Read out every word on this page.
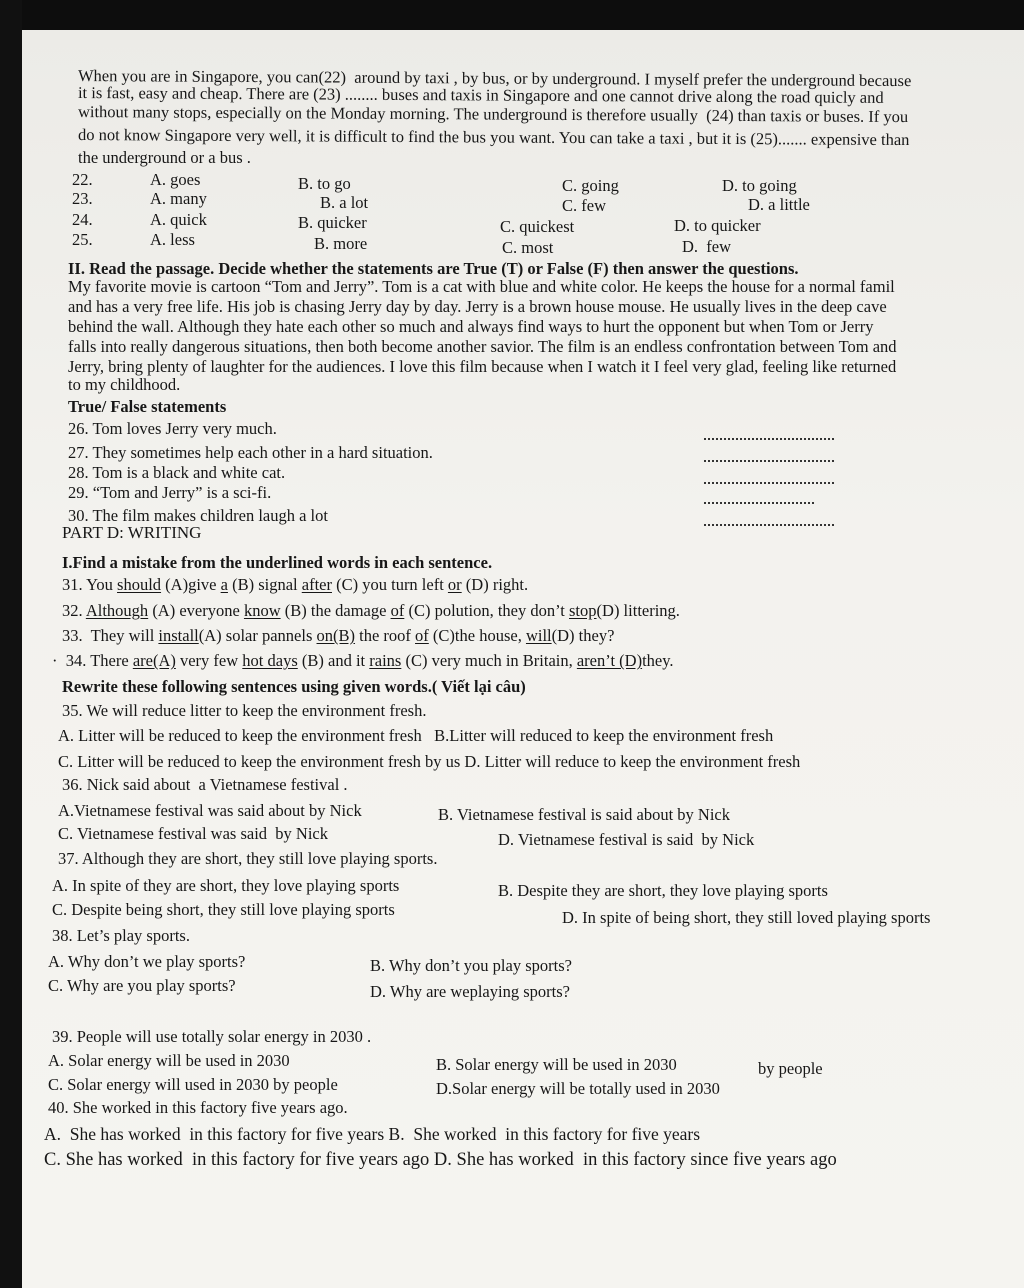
When you are in Singapore, you can(22)  around by taxi , by bus, or by underground. I myself prefer the underground because
it is fast, easy and cheap. There are (23) ........ buses and taxis in Singapore and one cannot drive along the road quicly and
without many stops, especially on the Monday morning. The underground is therefore usually  (24) than taxis or buses. If you
do not know Singapore very well, it is difficult to find the bus you want. You can take a taxi , but it is (25)....... expensive than
the underground or a bus .
22.	A. goes	B. to go	C. going	D. to going
23.	A. many	B. a lot	C. few	D. a little
24.	A. quick	B. quicker	C. quickest	D. to quicker
25.	A. less	B. more	C. most	D.  few
II. Read the passage. Decide whether the statements are True (T) or False (F) then answer the questions.
My favorite movie is cartoon “Tom and Jerry”. Tom is a cat with blue and white color. He keeps the house for a normal famil
and has a very free life. His job is chasing Jerry day by day. Jerry is a brown house mouse. He usually lives in the deep cave
behind the wall. Although they hate each other so much and always find ways to hurt the opponent but when Tom or Jerry
falls into really dangerous situations, then both become another savior. The film is an endless confrontation between Tom and
Jerry, bring plenty of laughter for the audiences. I love this film because when I watch it I feel very glad, feeling like returned
to my childhood.
True/ False statements
26. Tom loves Jerry very much.
27. They sometimes help each other in a hard situation.
28. Tom is a black and white cat.
29. “Tom and Jerry” is a sci-fi.
30. The film makes children laugh a lot
PART D: WRITING
I.Find a mistake from the underlined words in each sentence.
31. You should (A)give a (B) signal after (C) you turn left or (D) right.
32. Although (A) everyone know (B) the damage of (C) polution, they don’t stop(D) littering.
33.  They will install(A) solar pannels on(B) the roof of (C)the house, will(D) they?
·  34. There are(A) very few hot days (B) and it rains (C) very much in Britain, aren’t (D)they.
Rewrite these following sentences using given words.( Viết lại câu)
35. We will reduce litter to keep the environment fresh.
A. Litter will be reduced to keep the environment fresh   B.Litter will reduced to keep the environment fresh
C. Litter will be reduced to keep the environment fresh by us D. Litter will reduce to keep the environment fresh
36. Nick said about  a Vietnamese festival .
A.Vietnamese festival was said about by Nick	B. Vietnamese festival is said about by Nick
C. Vietnamese festival was said  by Nick	D. Vietnamese festival is said  by Nick
37. Although they are short, they still love playing sports.
A. In spite of they are short, they love playing sports	B. Despite they are short, they love playing sports
C. Despite being short, they still love playing sports	D. In spite of being short, they still loved playing sports
38. Let’s play sports.
A. Why don’t we play sports?	B. Why don’t you play sports?
C. Why are you play sports?	D. Why are weplaying sports?
39. People will use totally solar energy in 2030 .
A. Solar energy will be used in 2030	B. Solar energy will be used in 2030	by people
C. Solar energy will used in 2030 by people	D.Solar energy will be totally used in 2030
40. She worked in this factory five years ago.
A.  She has worked  in this factory for five years B.  She worked  in this factory for five years
C. She has worked  in this factory for five years ago D. She has worked  in this factory since five years ago
